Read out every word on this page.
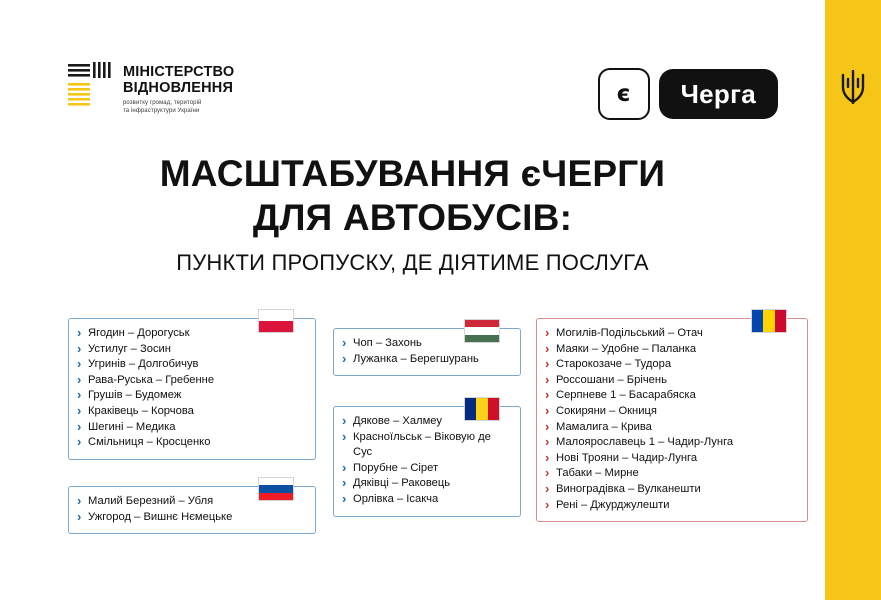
МІНІСТЕРСТВО
ВІДНОВЛЕННЯ
розвитку громад, територій
та інфраструктури України
є	Черга
МАСШТАБУВАННЯ єЧЕРГИ
ДЛЯ АВТОБУСІВ:
ПУНКТИ ПРОПУСКУ, ДЕ ДІЯТИМЕ ПОСЛУГА
› Ягодин – Дорогуськ
› Устилуг – Зосин
› Угринів – Долгобичув
› Рава-Руська – Гребенне
› Грушів – Будомеж
› Краківець – Корчова
› Шегині – Медика
› Смільниця – Кросценко
› Малий Березний – Убля
› Ужгород – Вишнє Нємецьке
› Чоп – Захонь
› Лужанка – Берегшурань
› Дякове – Халмеу
› Красноїльськ – Віковую де Сус
› Порубне – Сірет
› Дяківці – Раковець
› Орлівка – Ісакча
› Могилів-Подільський – Отач
› Маяки – Удобне – Паланка
› Старокозаче – Тудора
› Россошани – Брічень
› Серпневе 1 – Басарабяска
› Сокиряни – Окниця
› Мамалига – Крива
› Малоярославець 1 – Чадир-Лунга
› Нові Трояни – Чадир-Лунга
› Табаки – Мирне
› Виноградівка – Вулканешти
› Рені – Джурджулешти
